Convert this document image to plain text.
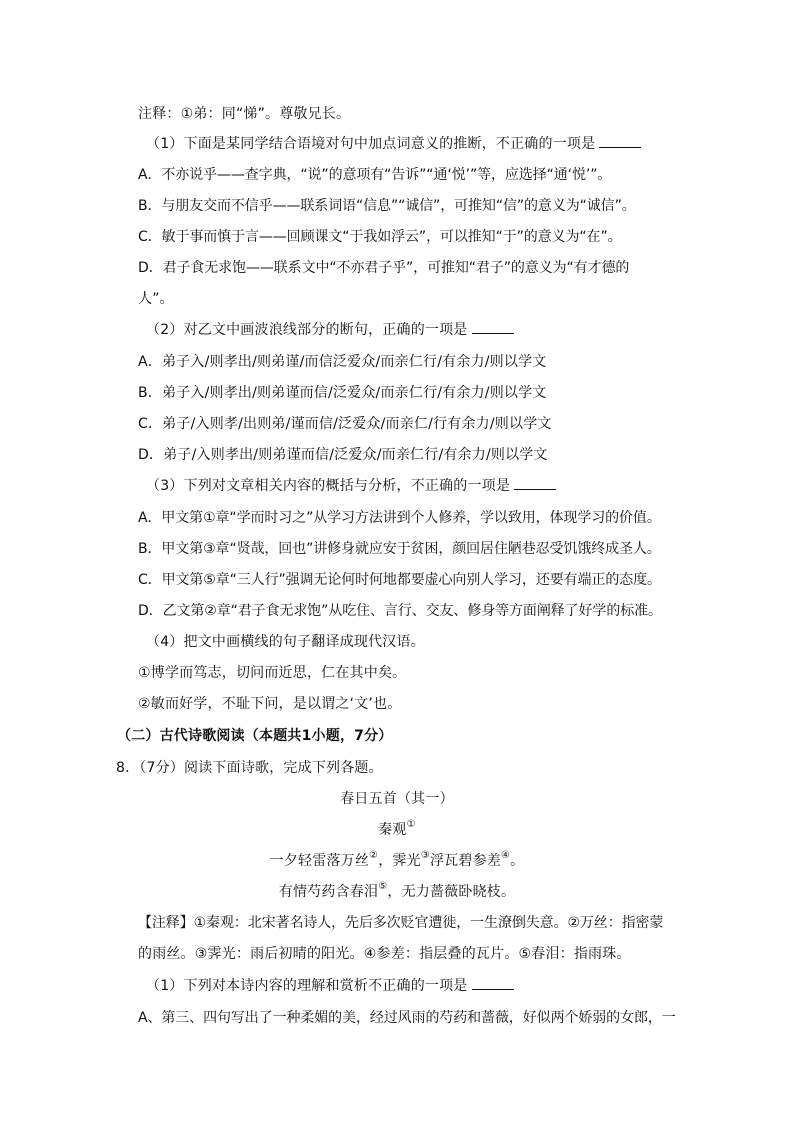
注释：①弟：同“悌”。尊敬兄长。
（1）下面是某同学结合语境对句中加点词意义的推断，不正确的一项是
A．不亦说乎——查字典，“说”的意项有“告诉”“通‘悦’”等，应选择“通‘悦’”。
B．与朋友交而不信乎——联系词语“信息”“诚信”，可推知“信”的意义为“诚信”。
C．敏于事而慎于言——回顾课文“于我如浮云”，可以推知“于”的意义为“在”。
D．君子食无求饱——联系文中“不亦君子乎”，可推知“君子”的意义为“有才德的
人”。
（2）对乙文中画波浪线部分的断句，正确的一项是
A．弟子入/则孝出/则弟谨/而信泛爱众/而亲仁行/有余力/则以学文
B．弟子入/则孝出/则弟谨而信/泛爱众/而亲仁行/有余力/则以学文
C．弟子/入则孝/出则弟/谨而信/泛爱众/而亲仁/行有余力/则以学文
D．弟子/入则孝出/则弟谨而信/泛爱众/而亲仁行/有余力/则以学文
（3）下列对文章相关内容的概括与分析，不正确的一项是
A．甲文第①章“学而时习之”从学习方法讲到个人修养，学以致用，体现学习的价值。
B．甲文第③章“贤哉，回也”讲修身就应安于贫困，颜回居住陋巷忍受饥饿终成圣人。
C．甲文第⑤章“三人行”强调无论何时何地都要虚心向别人学习，还要有端正的态度。
D．乙文第②章“君子食无求饱”从吃住、言行、交友、修身等方面阐释了好学的标准。
（4）把文中画横线的句子翻译成现代汉语。
①博学而笃志，切问而近思，仁在其中矣。
②敏而好学，不耻下问，是以谓之‘文’也。
（二）古代诗歌阅读（本题共1小题，7分）
8．（7分）阅读下面诗歌，完成下列各题。
春日五首（其一）
秦观①
一夕轻雷落万丝②，霁光③浮瓦碧参差④。
有情芍药含春泪⑤，无力蔷薇卧晓枝。
【注释】①秦观：北宋著名诗人，先后多次贬官遭徙，一生潦倒失意。②万丝：指密蒙
的雨丝。③霁光：雨后初晴的阳光。④参差：指层叠的瓦片。⑤春泪：指雨珠。
（1）下列对本诗内容的理解和赏析不正确的一项是
A、第三、四句写出了一种柔媚的美，经过风雨的芍药和蔷薇，好似两个娇弱的女郎，一
